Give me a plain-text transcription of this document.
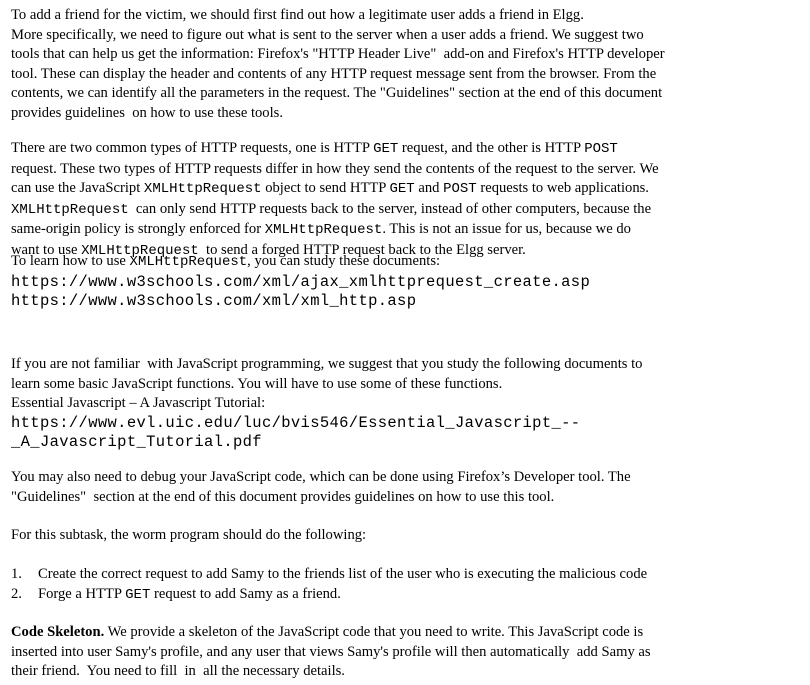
To add a friend for the victim, we should first find out how a legitimate user adds a friend in Elgg.
More specifically, we need to figure out what is sent to the server when a user adds a friend. We suggest two
tools that can help us get the information: Firefox's "HTTP Header Live"  add-on and Firefox's HTTP developer
tool. These can display the header and contents of any HTTP request message sent from the browser. From the
contents, we can identify all the parameters in the request. The "Guidelines" section at the end of this document
provides guidelines  on how to use these tools.

There are two common types of HTTP requests, one is HTTP GET request, and the other is HTTP POST
request. These two types of HTTP requests differ in how they send the contents of the request to the server. We
can use the JavaScript XMLHttpRequest object to send HTTP GET and POST requests to web applications.
XMLHttpRequest  can only send HTTP requests back to the server, instead of other computers, because the
same-origin policy is strongly enforced for XMLHttpRequest. This is not an issue for us, because we do
want to use XMLHttpRequest  to send a forged HTTP request back to the Elgg server.

To learn how to use XMLHttpRequest, you can study these documents:
https://www.w3schools.com/xml/ajax_xmlhttprequest_create.asp
https://www.w3schools.com/xml/xml_http.asp

If you are not familiar  with JavaScript programming, we suggest that you study the following documents to
learn some basic JavaScript functions. You will have to use some of these functions.
Essential Javascript – A Javascript Tutorial:
https://www.evl.uic.edu/luc/bvis546/Essential_Javascript_--
_A_Javascript_Tutorial.pdf

You may also need to debug your JavaScript code, which can be done using Firefox’s Developer tool. The
"Guidelines"  section at the end of this document provides guidelines on how to use this tool.

For this subtask, the worm program should do the following:

1. Create the correct request to add Samy to the friends list of the user who is executing the malicious code
2. Forge a HTTP GET request to add Samy as a friend.

Code Skeleton. We provide a skeleton of the JavaScript code that you need to write. This JavaScript code is
inserted into user Samy's profile, and any user that views Samy's profile will then automatically  add Samy as
their friend.  You need to fill  in  all the necessary details.
